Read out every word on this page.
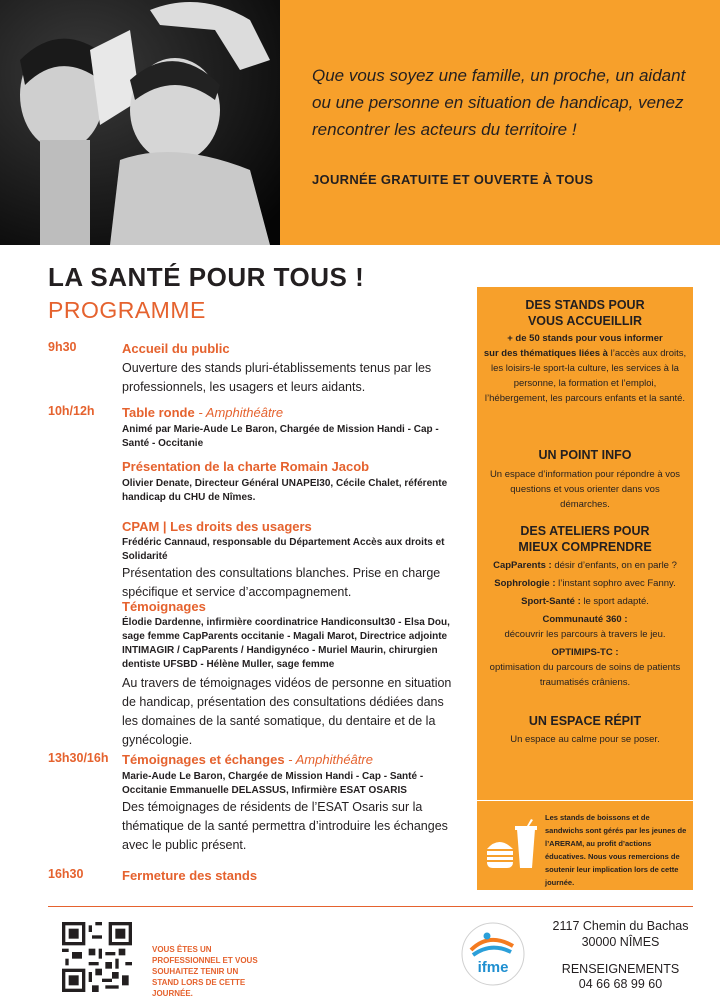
Que vous soyez une famille, un proche, un aidant ou une personne en situation de handicap, venez rencontrer les acteurs du territoire !
JOURNÉE GRATUITE ET OUVERTE À TOUS
LA SANTÉ POUR TOUS !
PROGRAMME
9h30	Accueil du public
Ouverture des stands pluri-établissements tenus par les professionnels, les usagers et leurs aidants.
10h/12h Table ronde - Amphithéâtre
Animé par Marie-Aude Le Baron, Chargée de Mission Handi - Cap - Santé - Occitanie
Présentation de la charte Romain Jacob
Olivier Denate, Directeur Général UNAPEI30, Cécile Chalet, référente handicap du CHU de Nîmes.
CPAM | Les droits des usagers
Frédéric Cannaud, responsable du Département Accès aux droits et Solidarité
Présentation des consultations blanches. Prise en charge spécifique et service d’accompagnement.
Témoignages
Élodie Dardenne, infirmière coordinatrice Handiconsult30 - Elsa Dou, sage femme CapParents occitanie - Magali Marot, Directrice adjointe INTIMAGIR / CapParents / Handigynéco - Muriel Maurin, chirurgien dentiste UFSBD - Hélène Muller, sage femme
Au travers de témoignages vidéos de personne en situation de handicap, présentation des consultations dédiées dans les domaines de la santé somatique, du dentaire et de la gynécologie.
13h30/16h Témoignages et échanges - Amphithéâtre
Marie-Aude Le Baron, Chargée de Mission Handi - Cap - Santé - Occitanie Emmanuelle DELASSUS, Infirmière ESAT OSARIS
Des témoignages de résidents de l’ESAT Osaris sur la thématique de la santé permettra d’introduire les échanges avec le public présent.
16h30	Fermeture des stands
DES STANDS POUR VOUS ACCUEILLIR
+ de 50 stands pour vous informer
sur des thématiques liées à l’accès aux droits, les loisirs-le sport-la culture, les services à la personne, la formation et l’emploi, l’hébergement, les parcours enfants et la santé.
UN POINT INFO
Un espace d’information pour répondre à vos questions et vous orienter dans vos démarches.
DES ATELIERS POUR MIEUX COMPRENDRE
CapParents : désir d’enfants, on en parle ?
Sophrologie : l’instant sophro avec Fanny.
Sport-Santé : le sport adapté.
Communauté 360 :
découvrir les parcours à travers le jeu.
OPTIMIPS-TC :
optimisation du parcours de soins de patients traumatisés crâniens.
UN ESPACE RÉPIT
Un espace au calme pour se poser.
Les stands de boissons et de sandwichs sont gérés par les jeunes de l’ARERAM, au profit d’actions éducatives. Nous vous remercions de soutenir leur implication lors de cette journée.
VOUS ÊTES UN PROFESSIONNEL ET VOUS SOUHAITEZ TENIR UN STAND LORS DE CETTE JOURNÉE.
ifme
2117 Chemin du Bachas
30000 NÎMES
RENSEIGNEMENTS
04 66 68 99 60
